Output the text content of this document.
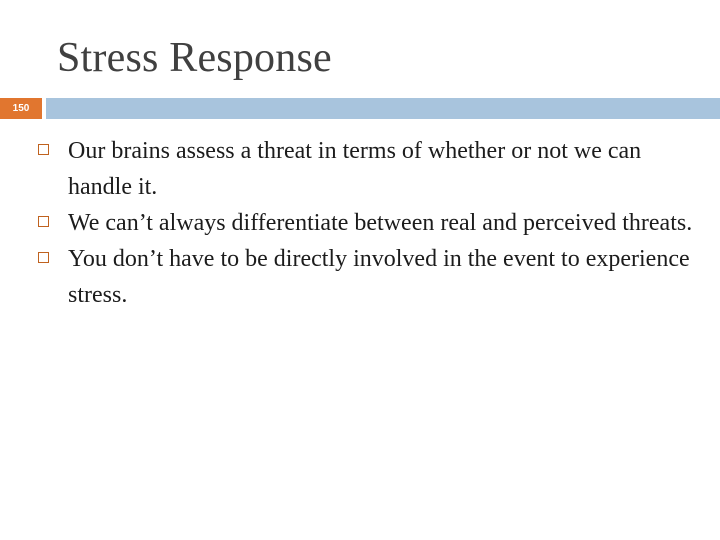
Stress Response
150
Our brains assess a threat in terms of whether or not we can handle it.
We can’t always differentiate between real and perceived threats.
You don’t have to be directly involved in the event to experience stress.
